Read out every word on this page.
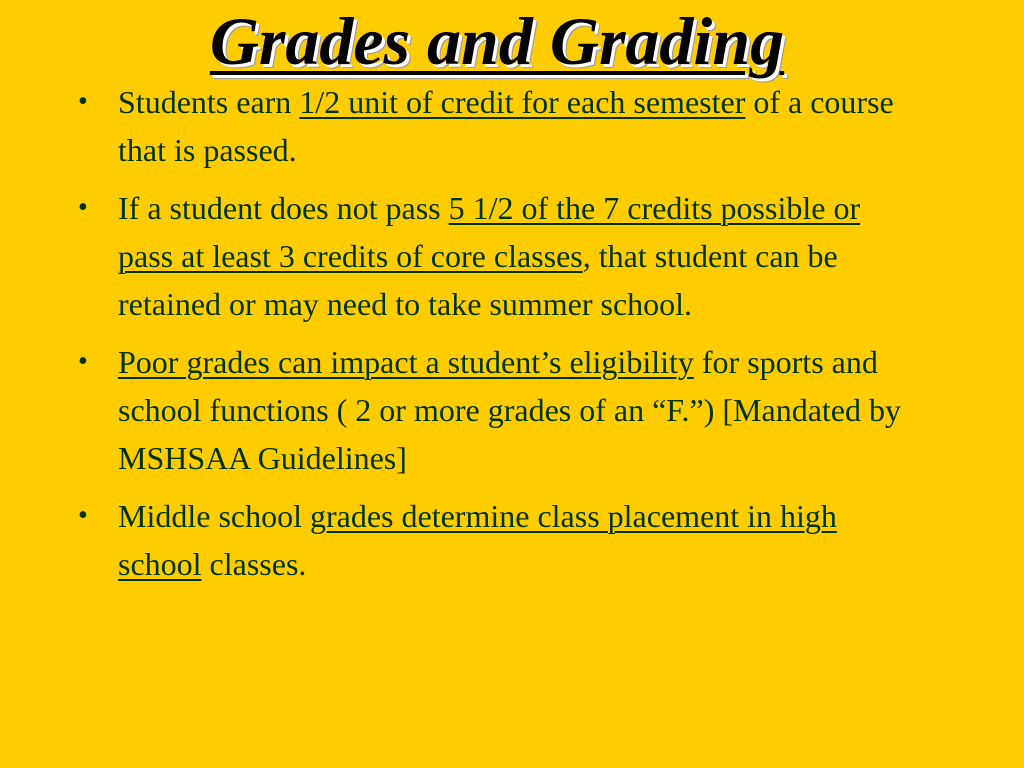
Grades and Grading
• Students earn 1/2 unit of credit for each semester of a course that is passed.
• If a student does not pass 5 1/2 of the 7 credits possible or pass at least 3 credits of core classes, that student can be retained or may need to take summer school.
• Poor grades can impact a student’s eligibility for sports and school functions ( 2 or more grades of an “F.”) [Mandated by MSHSAA Guidelines]
• Middle school grades determine class placement in high school classes.
